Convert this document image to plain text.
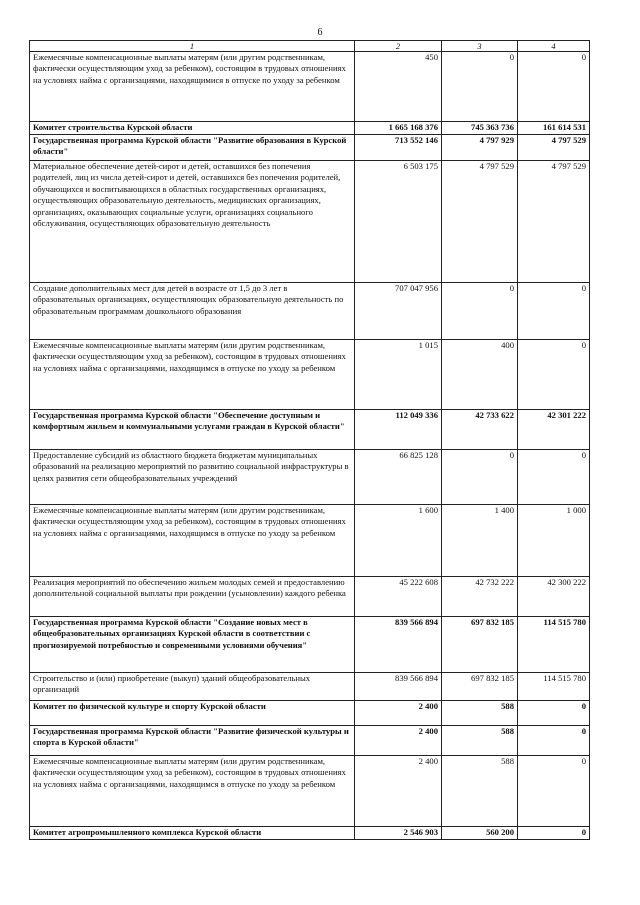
6
1	2	3	4
Ежемесячные компенсационные выплаты матерям (или другим родственникам, фактически осуществляющим уход за ребенком), состоящим в трудовых отношениях на условиях найма с организациями, находящимися в отпуске по уходу за ребенком	450	0	0
Комитет строительства Курской области	1 665 168 376	745 363 736	161 614 531
Государственная программа Курской области "Развитие образования в Курской области"	713 552 146	4 797 929	4 797 529
Материальное обеспечение детей-сирот и детей, оставшихся без попечения родителей, лиц из числа детей-сирот и детей, оставшихся без попечения родителей, обучающихся и воспитывающихся в областных государственных организациях, осуществляющих образовательную деятельность, медицинских организациях, организациях, оказывающих социальные услуги, организациях социального обслуживания, осуществляющих образовательную деятельность	6 503 175	4 797 529	4 797 529
Создание дополнительных мест для детей в возрасте от 1,5 до 3 лет в образовательных организациях, осуществляющих образовательную деятельность по образовательным программам дошкольного образования	707 047 956	0	0
Ежемесячные компенсационные выплаты матерям (или другим родственникам, фактически осуществляющим уход за ребенком), состоящим в трудовых отношениях на условиях найма с организациями, находящимся в отпуске по уходу за ребенком	1 015	400	0
Государственная программа Курской области "Обеспечение доступным и комфортным жильем и коммунальными услугами граждан в Курской области"	112 049 336	42 733 622	42 301 222
Предоставление субсидий из областного бюджета бюджетам муниципальных образований на реализацию мероприятий по развитию социальной инфраструктуры в целях развития сети общеобразовательных учреждений	66 825 128	0	0
Ежемесячные компенсационные выплаты матерям (или другим родственникам, фактически осуществляющим уход за ребенком), состоящим в трудовых отношениях на условиях найма с организациями, находящимся в отпуске по уходу за ребенком	1 600	1 400	1 000
Реализация мероприятий по обеспечению жильем молодых семей и предоставлению дополнительной социальной выплаты при рождении (усыновлении) каждого ребенка	45 222 608	42 732 222	42 300 222
Государственная программа Курской области "Создание новых мест в общеобразовательных организациях Курской области в соответствии с прогнозируемой потребностью и современными условиями обучения"	839 566 894	697 832 185	114 515 780
Строительство и (или) приобретение (выкуп) зданий общеобразовательных организаций	839 566 894	697 832 185	114 515 780
Комитет по физической культуре и спорту Курской области	2 400	588	0
Государственная программа Курской области "Развитие физической культуры и спорта в Курской области"	2 400	588	0
Ежемесячные компенсационные выплаты матерям (или другим родственникам, фактически осуществляющим уход за ребенком), состоящим в трудовых отношениях на условиях найма с организациями, находящимся в отпуске по уходу за ребенком	2 400	588	0
Комитет агропромышленного комплекса Курской области	2 546 903	560 200	0
